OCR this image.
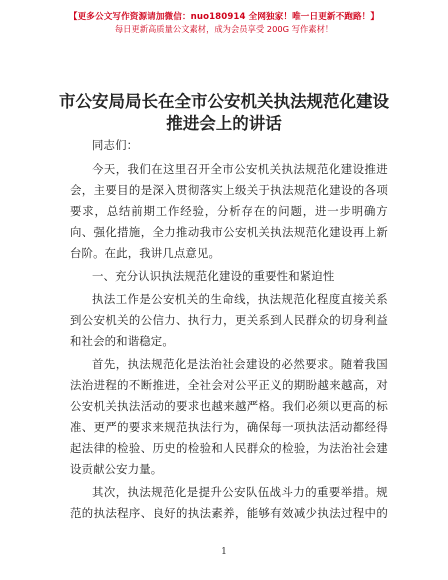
【更多公文写作资源请加微信：nuo180914 全网独家！唯一日更新不跑路！】
每日更新高质量公文素材，成为会员享受 200G 写作素材！
市公安局局长在全市公安机关执法规范化建设
推进会上的讲话
同志们：
今 天 ， 我 们 在 这 里 召 开 全 市 公 安 机 关 执 法 规 范 化 建 设 推 进
会 ， 主 要 目 的 是 深 入 贯 彻 落 实 上 级 关 于 执 法 规 范 化 建 设 的 各 项
要 求 ， 总 结 前 期 工 作 经 验 ， 分 析 存 在 的 问 题 ， 进 一 步 明 确 方
向 、 强 化 措 施 ， 全 力 推 动 我 市 公 安 机 关 执 法 规 范 化 建 设 再 上 新
台阶。在此，我讲几点意见。
一、充分认识执法规范化建设的重要性和紧迫性
执 法 工 作 是 公 安 机 关 的 生 命 线 ， 执 法 规 范 化 程 度 直 接 关 系
到 公 安 机 关 的 公 信 力 、 执 行 力 ， 更 关 系 到 人 民 群 众 的 切 身 利 益
和社会的和谐稳定。
首 先 ， 执 法 规 范 化 是 法 治 社 会 建 设 的 必 然 要 求 。 随 着 我 国
法 治 进 程 的 不 断 推 进 ， 全 社 会 对 公 平 正 义 的 期 盼 越 来 越 高 ， 对
公 安 机 关 执 法 活 动 的 要 求 也 越 来 越 严 格 。 我 们 必 须 以 更 高 的 标
准 、 更 严 的 要 求 来 规 范 执 法 行 为 ， 确 保 每 一 项 执 法 活 动 都 经 得
起 法 律 的 检 验 、 历 史 的 检 验 和 人 民 群 众 的 检 验 ， 为 法 治 社 会 建
设贡献公安力量。
其 次 ， 执 法 规 范 化 是 提 升 公 安 队 伍 战 斗 力 的 重 要 举 措 。 规
范 的 执 法 程 序 、 良 好 的 执 法 素 养 ， 能 够 有 效 减 少 执 法 过 程 中 的
1
